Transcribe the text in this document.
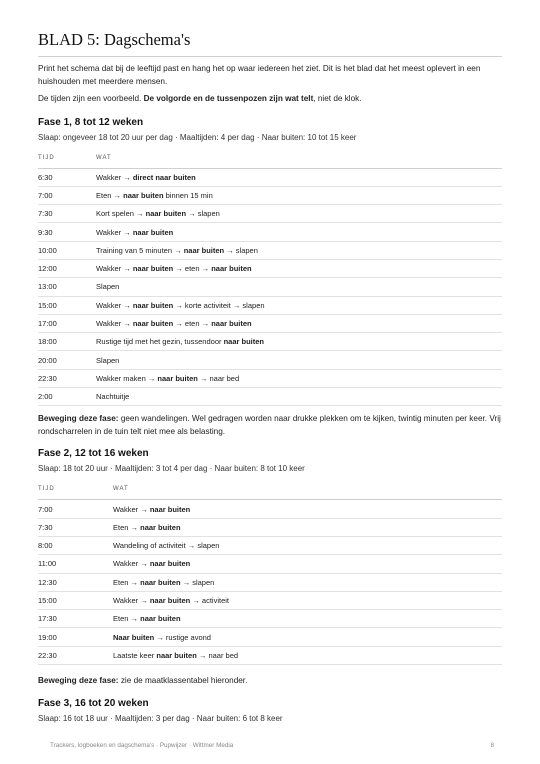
BLAD 5: Dagschema's

Print het schema dat bij de leeftijd past en hang het op waar iedereen het ziet. Dit is het blad dat het meest oplevert in een huishouden met meerdere mensen.

De tijden zijn een voorbeeld. De volgorde en de tussenpozen zijn wat telt, niet de klok.

Fase 1, 8 tot 12 weken
Slaap: ongeveer 18 tot 20 uur per dag · Maaltijden: 4 per dag · Naar buiten: 10 tot 15 keer
TIJD	WAT
6:30	Wakker → direct naar buiten
7:00	Eten → naar buiten binnen 15 min
7:30	Kort spelen → naar buiten → slapen
9:30	Wakker → naar buiten
10:00	Training van 5 minuten → naar buiten → slapen
12:00	Wakker → naar buiten → eten → naar buiten
13:00	Slapen
15:00	Wakker → naar buiten → korte activiteit → slapen
17:00	Wakker → naar buiten → eten → naar buiten
18:00	Rustige tijd met het gezin, tussendoor naar buiten
20:00	Slapen
22:30	Wakker maken → naar buiten → naar bed
2:00	Nachtuitje

Beweging deze fase: geen wandelingen. Wel gedragen worden naar drukke plekken om te kijken, twintig minuten per keer. Vrij rondscharrelen in de tuin telt niet mee als belasting.

Fase 2, 12 tot 16 weken
Slaap: 18 tot 20 uur · Maaltijden: 3 tot 4 per dag · Naar buiten: 8 tot 10 keer
TIJD	WAT
7:00	Wakker → naar buiten
7:30	Eten → naar buiten
8:00	Wandeling of activiteit → slapen
11:00	Wakker → naar buiten
12:30	Eten → naar buiten → slapen
15:00	Wakker → naar buiten → activiteit
17:30	Eten → naar buiten
19:00	Naar buiten → rustige avond
22:30	Laatste keer naar buiten → naar bed

Beweging deze fase: zie de maatklassentabel hieronder.

Fase 3, 16 tot 20 weken
Slaap: 16 tot 18 uur · Maaltijden: 3 per dag · Naar buiten: 6 tot 8 keer
Trackers, logboeken en dagschema's · Pupwijzer · Wittmer Media	8
